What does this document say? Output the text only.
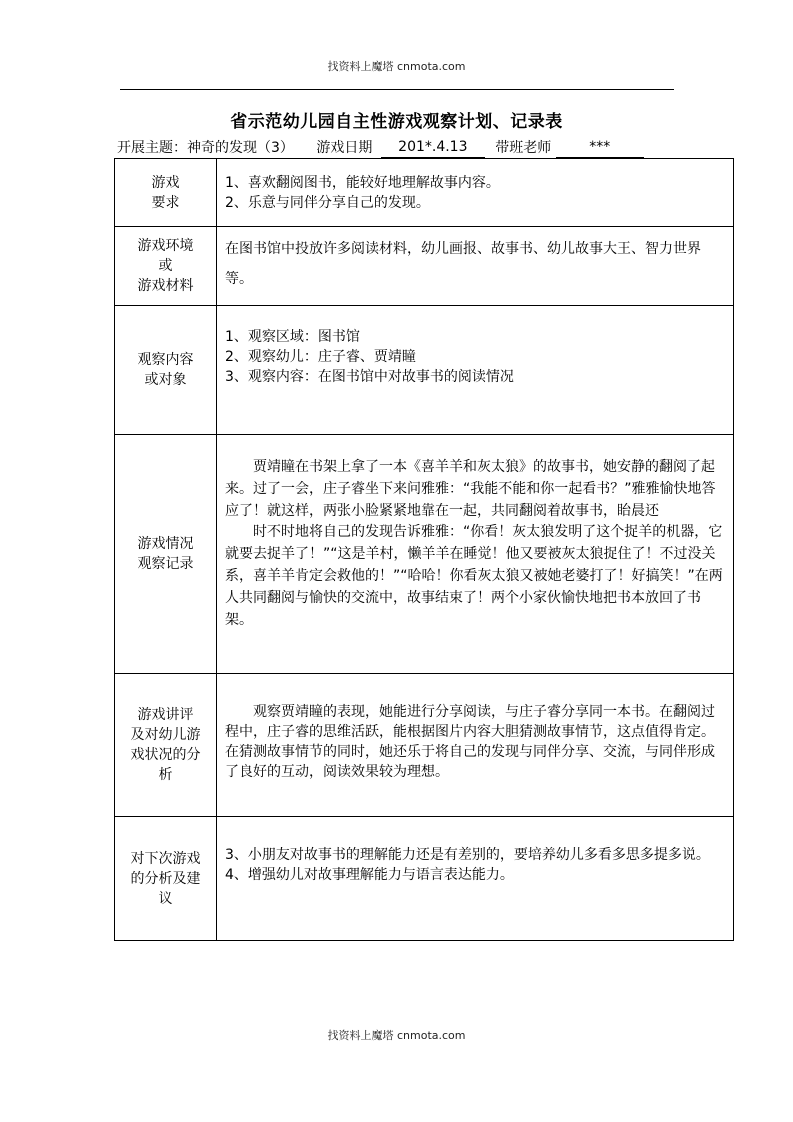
找资料上魔塔 cnmota.com
省示范幼儿园自主性游戏观察计划、记录表
开展主题：神奇的发现（3） 游戏日期 201*.4.13 带班老师	***
游戏
要求	1、喜欢翻阅图书，能较好地理解故事内容。
2、乐意与同伴分享自己的发现。

游戏环境
或
游戏材料	在图书馆中投放许多阅读材料，幼儿画报、故事书、幼儿故事大王、智力世界等。

观察内容
或对象	1、观察区域：图书馆
2、观察幼儿：庄子睿、贾靖瞳
3、观察内容：在图书馆中对故事书的阅读情况

游戏情况
观察记录	贾靖瞳在书架上拿了一本《喜羊羊和灰太狼》的故事书，她安静的翻阅了起来。过了一会，庄子睿坐下来问雅雅：“我能不能和你一起看书？”雅雅愉快地答应了！就这样，两张小脸紧紧地靠在一起，共同翻阅着故事书，眙晨还
时不时地将自己的发现告诉雅雅：“你看！灰太狼发明了这个捉羊的机器，它就要去捉羊了！”“这是羊村，懒羊羊在睡觉！他又要被灰太狼捉住了！不过没关系，喜羊羊肯定会救他的！”“哈哈！你看灰太狼又被她老婆打了！好搞笑！”在两人共同翻阅与愉快的交流中，故事结束了！两个小家伙愉快地把书本放回了书架。

游戏讲评
及对幼儿游
戏状况的分
析	观察贾靖瞳的表现，她能进行分享阅读，与庄子睿分享同一本书。在翻阅过程中，庄子睿的思维活跃，能根据图片内容大胆猜测故事情节，这点值得肯定。在猜测故事情节的同时，她还乐于将自己的发现与同伴分享、交流，与同伴形成了良好的互动，阅读效果较为理想。

对下次游戏
的分析及建
议	3、小朋友对故事书的理解能力还是有差别的，要培养幼儿多看多思多提多说。
4、增强幼儿对故事理解能力与语言表达能力。
找资料上魔塔 cnmota.com
